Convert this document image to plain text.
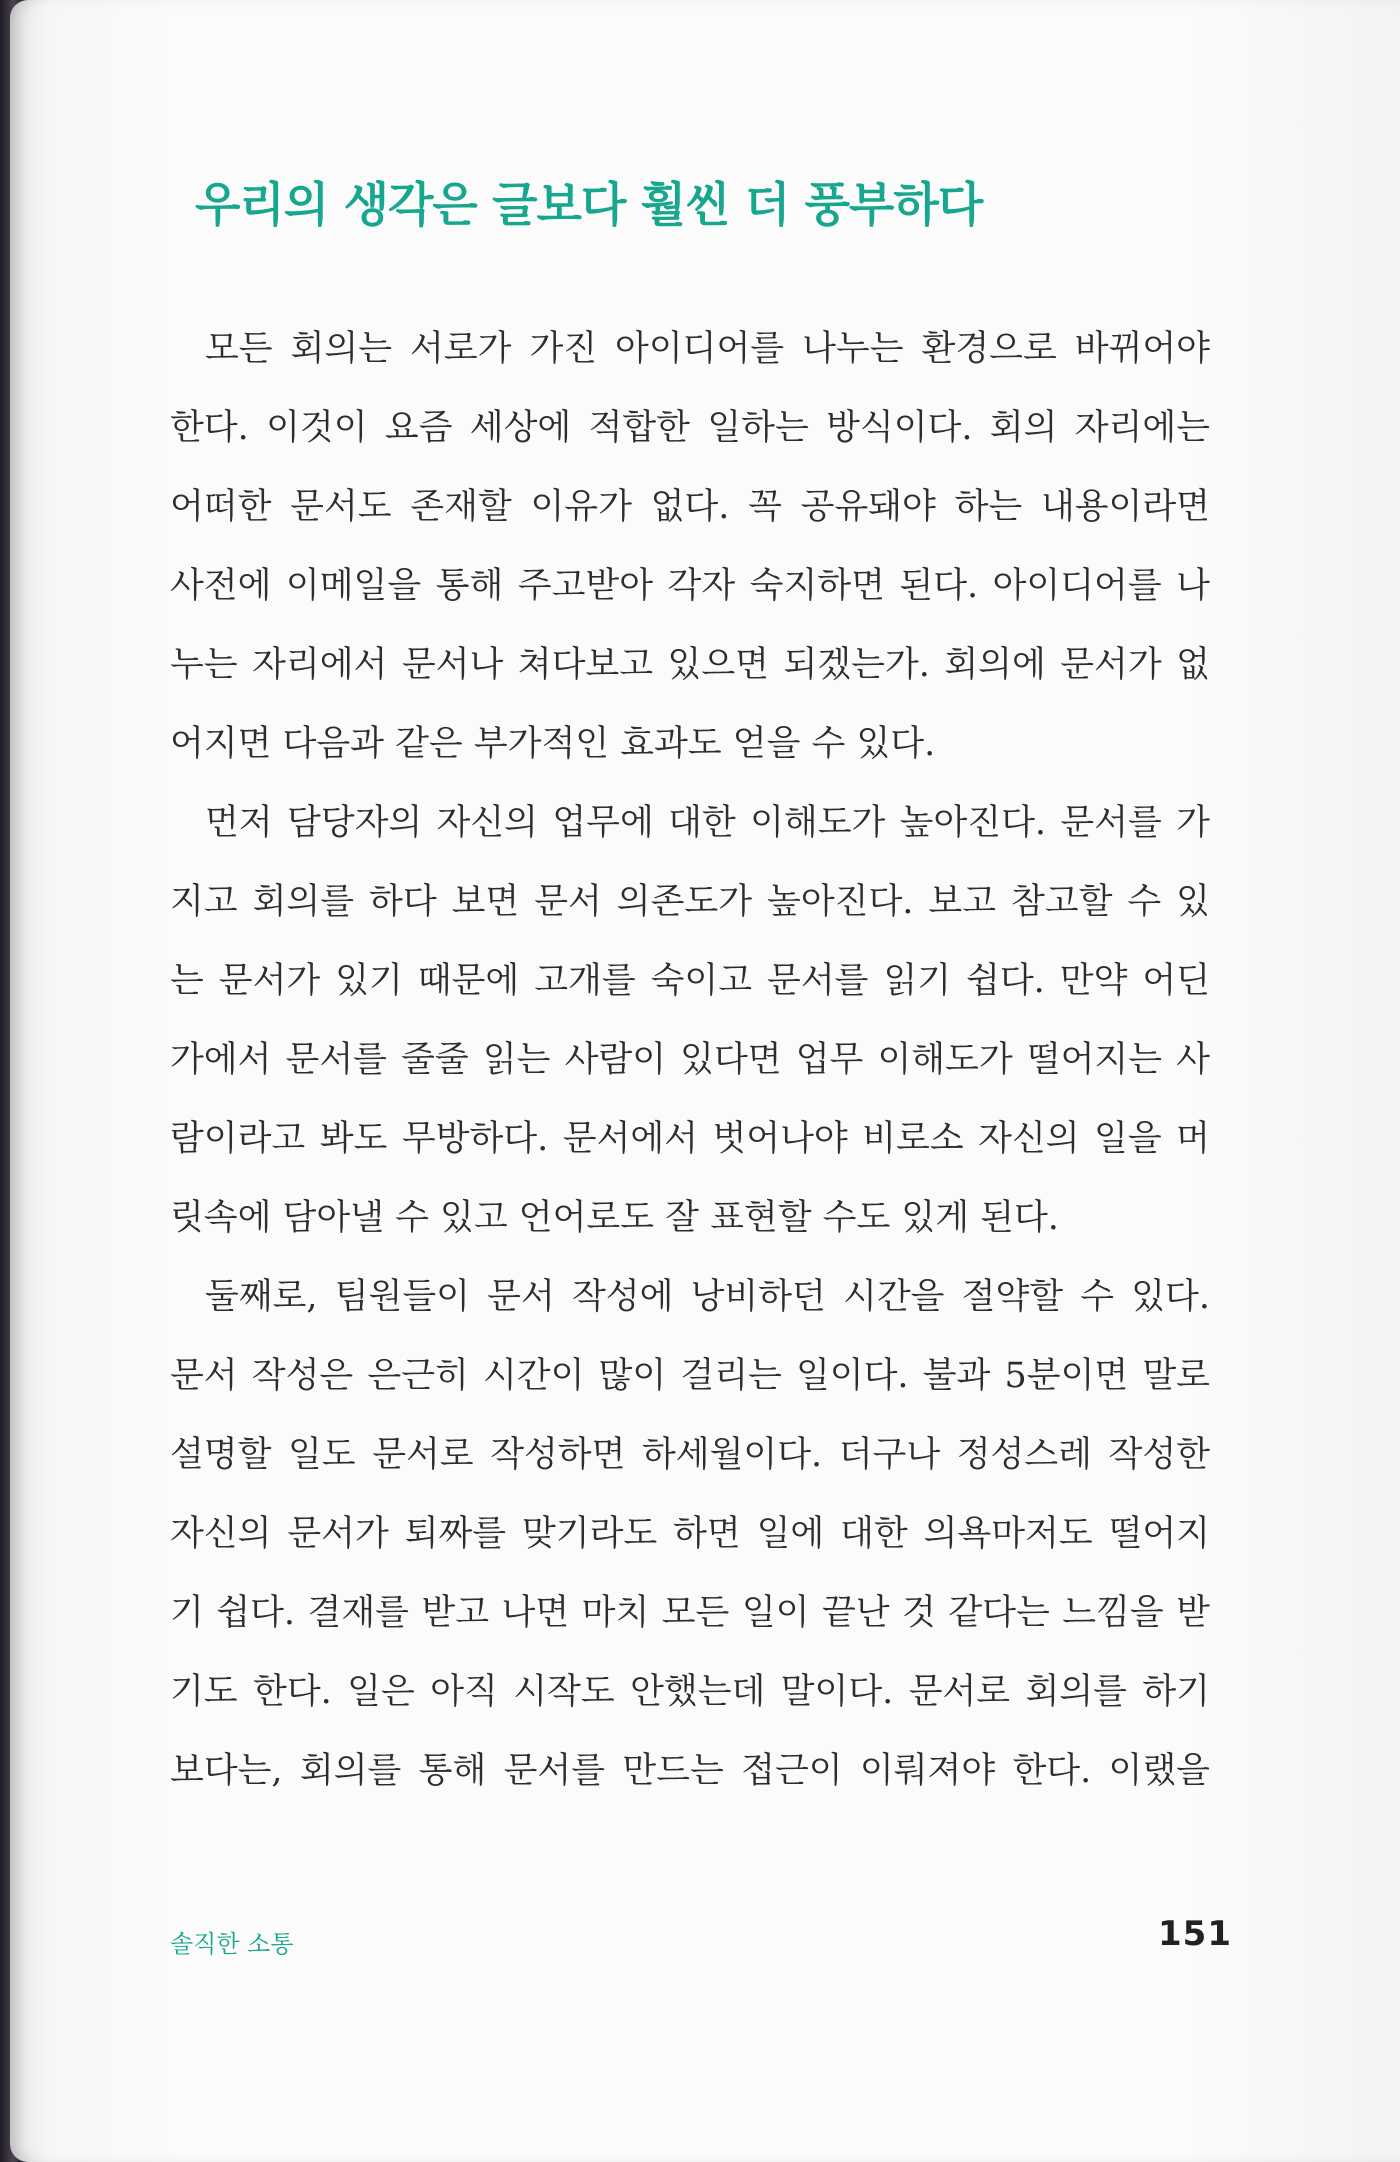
우리의 생각은 글보다 훨씬 더 풍부하다
모든 회의는 서로가 가진 아이디어를 나누는 환경으로 바뀌어야
한다. 이것이 요즘 세상에 적합한 일하는 방식이다. 회의 자리에는
어떠한 문서도 존재할 이유가 없다. 꼭 공유돼야 하는 내용이라면
사전에 이메일을 통해 주고받아 각자 숙지하면 된다. 아이디어를 나
누는 자리에서 문서나 쳐다보고 있으면 되겠는가. 회의에 문서가 없
어지면 다음과 같은 부가적인 효과도 얻을 수 있다.
먼저 담당자의 자신의 업무에 대한 이해도가 높아진다. 문서를 가
지고 회의를 하다 보면 문서 의존도가 높아진다. 보고 참고할 수 있
는 문서가 있기 때문에 고개를 숙이고 문서를 읽기 쉽다. 만약 어딘
가에서 문서를 줄줄 읽는 사람이 있다면 업무 이해도가 떨어지는 사
람이라고 봐도 무방하다. 문서에서 벗어나야 비로소 자신의 일을 머
릿속에 담아낼 수 있고 언어로도 잘 표현할 수도 있게 된다.
둘째로, 팀원들이 문서 작성에 낭비하던 시간을 절약할 수 있다.
문서 작성은 은근히 시간이 많이 걸리는 일이다. 불과 5분이면 말로
설명할 일도 문서로 작성하면 하세월이다. 더구나 정성스레 작성한
자신의 문서가 퇴짜를 맞기라도 하면 일에 대한 의욕마저도 떨어지
기 쉽다. 결재를 받고 나면 마치 모든 일이 끝난 것 같다는 느낌을 받
기도 한다. 일은 아직 시작도 안했는데 말이다. 문서로 회의를 하기
보다는, 회의를 통해 문서를 만드는 접근이 이뤄져야 한다. 이랬을
솔직한 소통	151
